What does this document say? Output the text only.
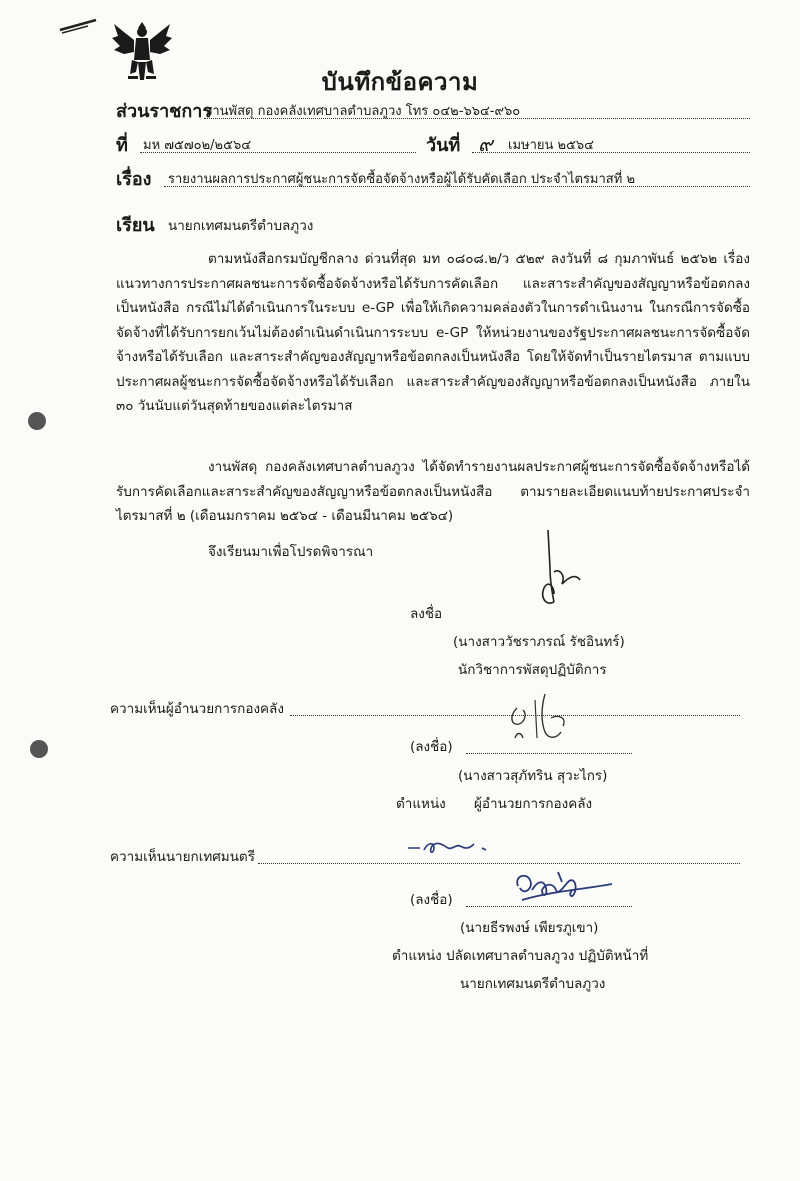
บันทึกข้อความ
ส่วนราชการ
งานพัสดุ กองคลังเทศบาลตำบลภูวง โทร ๐๔๒-๖๖๔-๙๖๐
ที่ มห ๗๕๗๐๒/๒๕๖๔	วันที่ ๙ เมษายน ๒๕๖๔
เรื่อง รายงานผลการประกาศผู้ชนะการจัดซื้อจัดจ้างหรือผู้ได้รับคัดเลือก ประจำไตรมาสที่ ๒
เรียน นายกเทศมนตรีตำบลภูวง
ตามหนังสือกรมบัญชีกลาง ด่วนที่สุด มท ๐๘๐๘.๒/ว ๕๒๙ ลงวันที่ ๘ กุมภาพันธ์ ๒๕๖๒ เรื่องแนวทางการประกาศผลชนะการจัดซื้อจัดจ้างหรือได้รับการคัดเลือก และสาระสำคัญของสัญญาหรือข้อตกลงเป็นหนังสือ กรณีไม่ได้ดำเนินการในระบบ e-GP เพื่อให้เกิดความคล่องตัวในการดำเนินงาน ในกรณีการจัดซื้อจัดจ้างที่ได้รับการยกเว้นไม่ต้องดำเนินดำเนินการระบบ e-GP ให้หน่วยงานของรัฐประกาศผลชนะการจัดซื้อจัดจ้างหรือได้รับเลือก และสาระสำคัญของสัญญาหรือข้อตกลงเป็นหนังสือ โดยให้จัดทำเป็นรายไตรมาส ตามแบบประกาศผลผู้ชนะการจัดซื้อจัดจ้างหรือได้รับเลือก และสาระสำคัญของสัญญาหรือข้อตกลงเป็นหนังสือ ภายใน ๓๐ วันนับแต่วันสุดท้ายของแต่ละไตรมาส
งานพัสดุ กองคลังเทศบาลตำบลภูวง ได้จัดทำรายงานผลประกาศผู้ชนะการจัดซื้อจัดจ้างหรือได้รับการคัดเลือกและสาระสำคัญของสัญญาหรือข้อตกลงเป็นหนังสือ ตามรายละเอียดแนบท้ายประกาศประจำไตรมาสที่ ๒ (เดือนมกราคม ๒๕๖๔ - เดือนมีนาคม ๒๕๖๔)
จึงเรียนมาเพื่อโปรดพิจารณา
ลงชื่อ
(นางสาววัชราภรณ์ รัชอินทร์)
นักวิชาการพัสดุปฏิบัติการ
ความเห็นผู้อำนวยการกองคลัง
(ลงชื่อ)
(นางสาวสุภัทริน สุวะไกร)
ตำแหน่ง ผู้อำนวยการกองคลัง
ความเห็นนายกเทศมนตรี
(ลงชื่อ)
(นายธีรพงษ์ เพียรภูเขา)
ตำแหน่ง ปลัดเทศบาลตำบลภูวง ปฏิบัติหน้าที่
นายกเทศมนตรีตำบลภูวง
